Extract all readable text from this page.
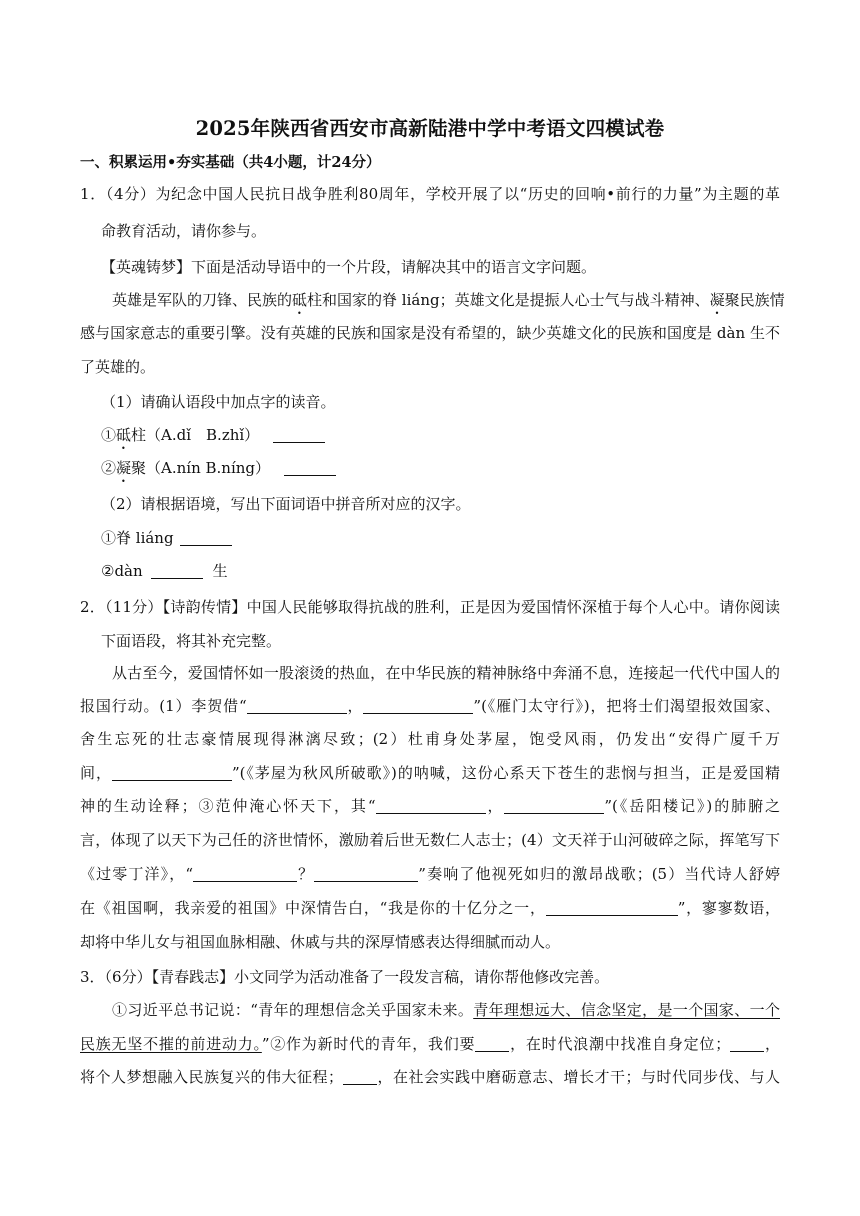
2025年陕西省西安市高新陆港中学中考语文四模试卷
一、积累运用•夯实基础（共4小题，计24分）
1．（4分）为纪念中国人民抗日战争胜利80周年，学校开展了以“历史的回响•前行的力量”为主题的革
命教育活动，请你参与。
【英魂铸梦】下面是活动导语中的一个片段，请解决其中的语言文字问题。
英雄是军队的刀锋、民族的砥柱和国家的脊 liáng；英雄文化是提振人心士气与战斗精神、凝聚民族情
感与国家意志的重要引擎。没有英雄的民族和国家是没有希望的，缺少英雄文化的民族和国度是 dàn 生不
了英雄的。
（1）请确认语段中加点字的读音。
①砥柱（A.dǐ　B.zhǐ）
②凝聚（A.nín B.níng）
（2）请根据语境，写出下面词语中拼音所对应的汉字。
①脊 liáng
②dàn	生
2．（11分）【诗韵传情】中国人民能够取得抗战的胜利，正是因为爱国情怀深植于每个人心中。请你阅读
下面语段，将其补充完整。
从古至今，爱国情怀如一股滚烫的热血，在中华民族的精神脉络中奔涌不息，连接起一代代中国人的
报国行动。(1）李贺借“	，	”(《雁门太守行》)，把将士们渴望报效国家、
舍生忘死的壮志豪情展现得淋漓尽致；(2）杜甫身处茅屋，饱受风雨，仍发出“安得广厦千万
间，	”(《茅屋为秋风所破歌》)的呐喊，这份心系天下苍生的悲悯与担当，正是爱国精
神的生动诠释；③范仲淹心怀天下，其“	，	”(《岳阳楼记》)的肺腑之
言，体现了以天下为己任的济世情怀，激励着后世无数仁人志士；(4）文天祥于山河破碎之际，挥笔写下
《过零丁洋》，“	？	”奏响了他视死如归的激昂战歌；(5）当代诗人舒婷
在《祖国啊，我亲爱的祖国》中深情告白，“我是你的十亿分之一，	”，寥寥数语，
却将中华儿女与祖国血脉相融、休戚与共的深厚情感表达得细腻而动人。
3．（6分）【青春践志】小文同学为活动准备了一段发言稿，请你帮他修改完善。
①习近平总书记说：“青年的理想信念关乎国家未来。青年理想远大、信念坚定，是一个国家、一个
民族无坚不摧的前进动力。”②作为新时代的青年，我们要 ，在时代浪潮中找准自身定位； ，
将个人梦想融入民族复兴的伟大征程； ，在社会实践中磨砺意志、增长才干；与时代同步伐、与人
